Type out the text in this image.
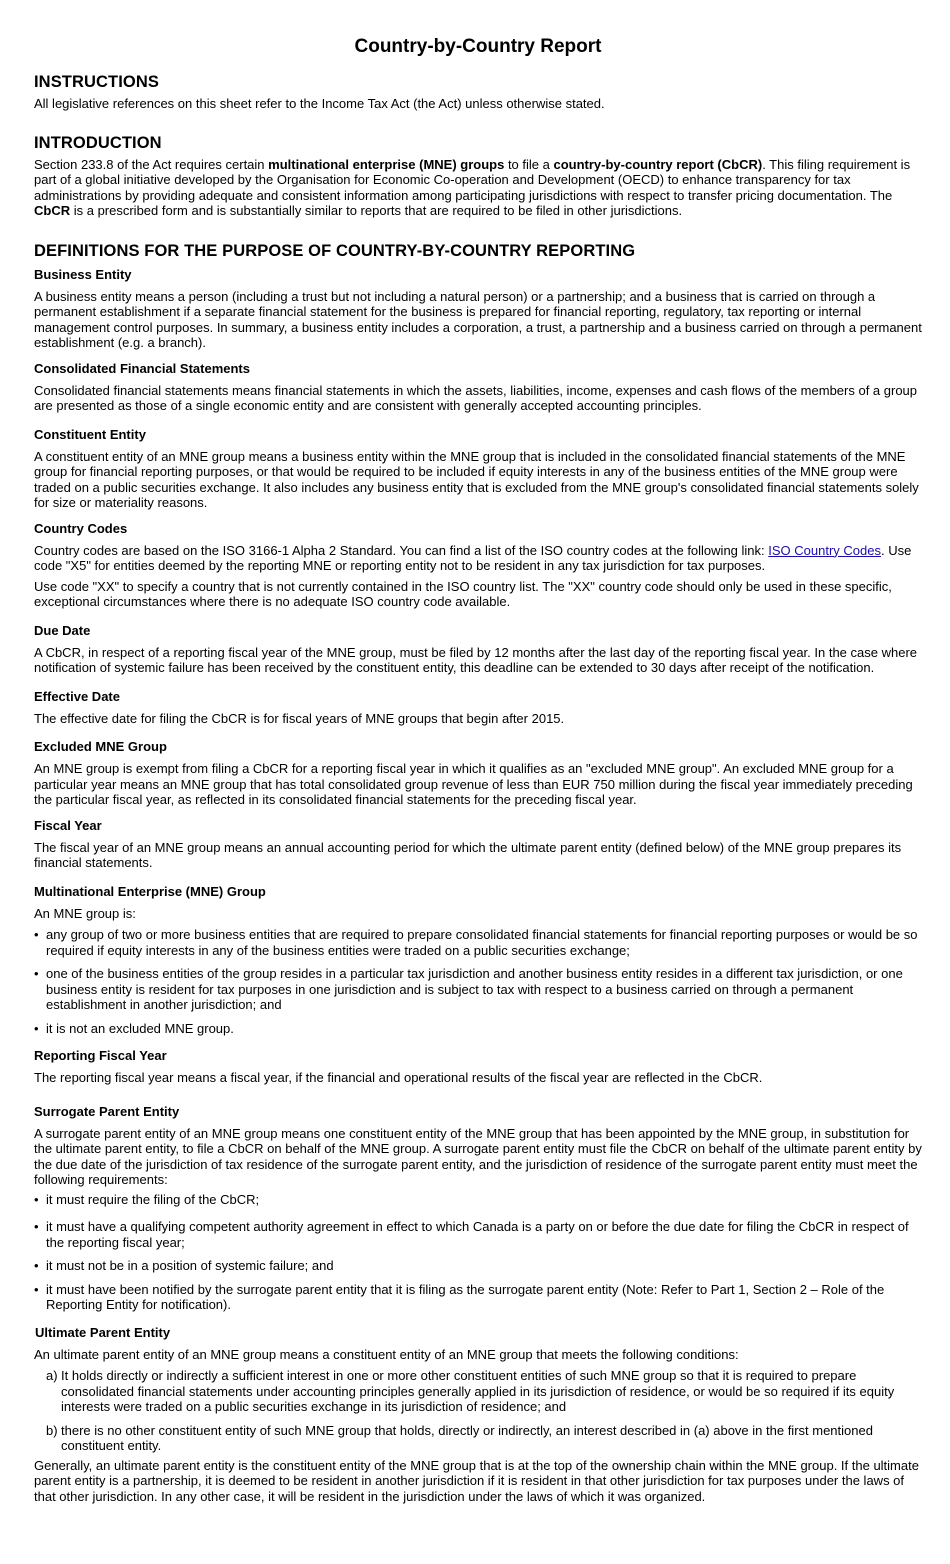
Country-by-Country Report
INSTRUCTIONS

All legislative references on this sheet refer to the Income Tax Act (the Act) unless otherwise stated.

INTRODUCTION

Section 233.8 of the Act requires certain multinational enterprise (MNE) groups to file a country-by-country report (CbCR). This filing requirement is part of a global initiative developed by the Organisation for Economic Co-operation and Development (OECD) to enhance transparency for tax administrations by providing adequate and consistent information among participating jurisdictions with respect to transfer pricing documentation. The CbCR is a prescribed form and is substantially similar to reports that are required to be filed in other jurisdictions.

DEFINITIONS FOR THE PURPOSE OF COUNTRY-BY-COUNTRY REPORTING
Business Entity

A business entity means a person (including a trust but not including a natural person) or a partnership; and a business that is carried on through a permanent establishment if a separate financial statement for the business is prepared for financial reporting, regulatory, tax reporting or internal management control purposes. In summary, a business entity includes a corporation, a trust, a partnership and a business carried on through a permanent establishment (e.g. a branch).

Consolidated Financial Statements

Consolidated financial statements means financial statements in which the assets, liabilities, income, expenses and cash flows of the members of a group are presented as those of a single economic entity and are consistent with generally accepted accounting principles.

Constituent Entity

A constituent entity of an MNE group means a business entity within the MNE group that is included in the consolidated financial statements of the MNE group for financial reporting purposes, or that would be required to be included if equity interests in any of the business entities of the MNE group were traded on a public securities exchange. It also includes any business entity that is excluded from the MNE group's consolidated financial statements solely for size or materiality reasons.

Country Codes

Country codes are based on the ISO 3166-1 Alpha 2 Standard. You can find a list of the ISO country codes at the following link: ISO Country Codes. Use code "X5" for entities deemed by the reporting MNE or reporting entity not to be resident in any tax jurisdiction for tax purposes.

Use code "XX" to specify a country that is not currently contained in the ISO country list. The "XX" country code should only be used in these specific, exceptional circumstances where there is no adequate ISO country code available.

Due Date

A CbCR, in respect of a reporting fiscal year of the MNE group, must be filed by 12 months after the last day of the reporting fiscal year. In the case where notification of systemic failure has been received by the constituent entity, this deadline can be extended to 30 days after receipt of the notification.

Effective Date

The effective date for filing the CbCR is for fiscal years of MNE groups that begin after 2015.

Excluded MNE Group

An MNE group is exempt from filing a CbCR for a reporting fiscal year in which it qualifies as an "excluded MNE group". An excluded MNE group for a particular year means an MNE group that has total consolidated group revenue of less than EUR 750 million during the fiscal year immediately preceding the particular fiscal year, as reflected in its consolidated financial statements for the preceding fiscal year.

Fiscal Year

The fiscal year of an MNE group means an annual accounting period for which the ultimate parent entity (defined below) of the MNE group prepares its financial statements.

Multinational Enterprise (MNE) Group

An MNE group is:

• any group of two or more business entities that are required to prepare consolidated financial statements for financial reporting purposes or would be so required if equity interests in any of the business entities were traded on a public securities exchange;
• one of the business entities of the group resides in a particular tax jurisdiction and another business entity resides in a different tax jurisdiction, or one business entity is resident for tax purposes in one jurisdiction and is subject to tax with respect to a business carried on through a permanent establishment in another jurisdiction; and
• it is not an excluded MNE group.
Reporting Fiscal Year

The reporting fiscal year means a fiscal year, if the financial and operational results of the fiscal year are reflected in the CbCR.

Surrogate Parent Entity

A surrogate parent entity of an MNE group means one constituent entity of the MNE group that has been appointed by the MNE group, in substitution for the ultimate parent entity, to file a CbCR on behalf of the MNE group. A surrogate parent entity must file the CbCR on behalf of the ultimate parent entity by the due date of the jurisdiction of tax residence of the surrogate parent entity, and the jurisdiction of residence of the surrogate parent entity must meet the following requirements:

• it must require the filing of the CbCR;
• it must have a qualifying competent authority agreement in effect to which Canada is a party on or before the due date for filing the CbCR in respect of the reporting fiscal year;
• it must not be in a position of systemic failure; and
• it must have been notified by the surrogate parent entity that it is filing as the surrogate parent entity (Note: Refer to Part 1, Section 2 – Role of the Reporting Entity for notification).
Ultimate Parent Entity

An ultimate parent entity of an MNE group means a constituent entity of an MNE group that meets the following conditions:

a) It holds directly or indirectly a sufficient interest in one or more other constituent entities of such MNE group so that it is required to prepare consolidated financial statements under accounting principles generally applied in its jurisdiction of residence, or would be so required if its equity interests were traded on a public securities exchange in its jurisdiction of residence; and
b) there is no other constituent entity of such MNE group that holds, directly or indirectly, an interest described in (a) above in the first mentioned constituent entity.

Generally, an ultimate parent entity is the constituent entity of the MNE group that is at the top of the ownership chain within the MNE group. If the ultimate parent entity is a partnership, it is deemed to be resident in another jurisdiction if it is resident in that other jurisdiction for tax purposes under the laws of that other jurisdiction. In any other case, it will be resident in the jurisdiction under the laws of which it was organized.
